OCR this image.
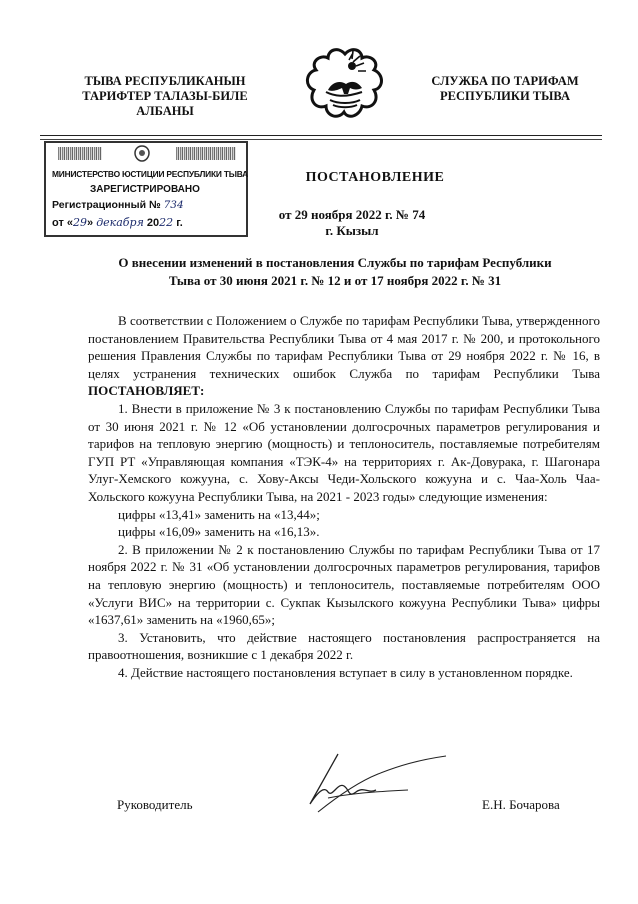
ТЫВА РЕСПУБЛИКАНЫН
ТАРИФТЕР ТАЛАЗЫ-БИЛЕ
АЛБАНЫ
СЛУЖБА ПО ТАРИФАМ
РЕСПУБЛИКИ ТЫВА
МИНИСТЕРСТВО ЮСТИЦИИ РЕСПУБЛИКИ ТЫВА
ЗАРЕГИСТРИРОВАНО
Регистрационный № 734
от «29» декабря 2022 г.
ПОСТАНОВЛЕНИЕ
от 29 ноября 2022 г. № 74
г. Кызыл
О внесении изменений в постановления Службы по тарифам Республики
Тыва от 30 июня 2021 г. № 12 и от 17 ноября 2022 г. № 31

В соответствии с Положением о Службе по тарифам Республики Тыва, утвержденного постановлением Правительства Республики Тыва от 4 мая 2017 г. № 200, и протокольного решения Правления Службы по тарифам Республики Тыва от 29 ноября 2022 г. № 16, в целях устранения технических ошибок Служба по тарифам Республики Тыва ПОСТАНОВЛЯЕТ:

1. Внести в приложение № 3 к постановлению Службы по тарифам Республики Тыва от 30 июня 2021 г. № 12 «Об установлении долгосрочных параметров регулирования и тарифов на тепловую энергию (мощность) и теплоноситель, поставляемые потребителям ГУП РТ «Управляющая компания «ТЭК-4» на территориях г. Ак-Довурака, г. Шагонара Улуг-Хемского кожууна, с. Хову-Аксы Чеди-Хольского кожууна и с. Чаа-Холь Чаа-Хольского кожууна Республики Тыва, на 2021 - 2023 годы» следующие изменения:

цифры «13,41» заменить на «13,44»;

цифры «16,09» заменить на «16,13».

2. В приложении № 2 к постановлению Службы по тарифам Республики Тыва от 17 ноября 2022 г. № 31 «Об установлении долгосрочных параметров регулирования, тарифов на тепловую энергию (мощность) и теплоноситель, поставляемые потребителям ООО «Услуги ВИС» на территории с. Сукпак Кызылского кожууна Республики Тыва» цифры «1637,61» заменить на «1960,65»;

3. Установить, что действие настоящего постановления распространяется на правоотношения, возникшие с 1 декабря 2022 г.

4. Действие настоящего постановления вступает в силу в установленном порядке.

Руководитель	Е.Н. Бочарова
